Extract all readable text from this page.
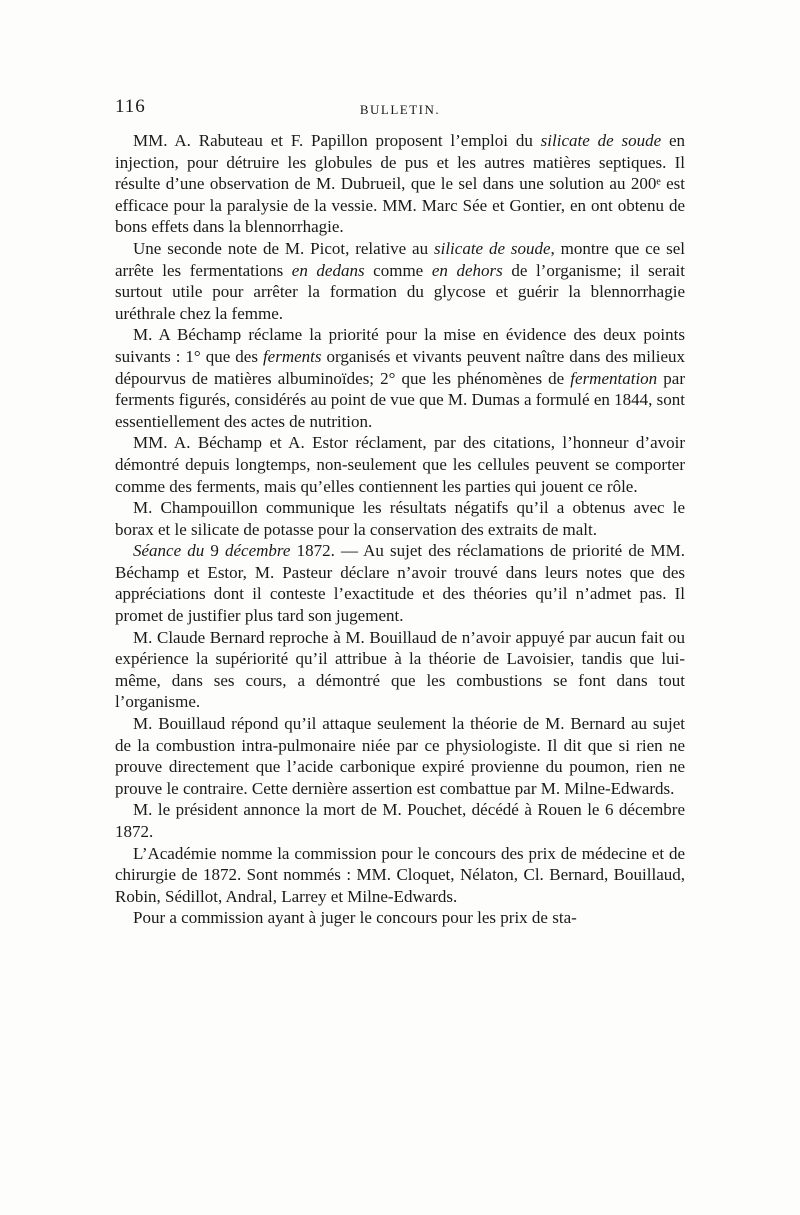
116	BULLETIN.

MM. A. Rabuteau et F. Papillon proposent l’emploi du silicate de soude en injection, pour détruire les globules de pus et les autres matières septiques. Il résulte d’une observation de M. Dubrueil, que le sel dans une solution au 200ᵉ est efficace pour la paralysie de la vessie. MM. Marc Sée et Gontier, en ont obtenu de bons effets dans la blennorrhagie.

Une seconde note de M. Picot, relative au silicate de soude, montre que ce sel arrête les fermentations en dedans comme en dehors de l’organisme; il serait surtout utile pour arrêter la formation du glycose et guérir la blennorrhagie uréthrale chez la femme.

M. A Béchamp réclame la priorité pour la mise en évidence des deux points suivants : 1° que des ferments organisés et vivants peuvent naître dans des milieux dépourvus de matières albuminoïdes; 2° que les phénomènes de fermentation par ferments figurés, considérés au point de vue que M. Dumas a formulé en 1844, sont essentiellement des actes de nutrition.

MM. A. Béchamp et A. Estor réclament, par des citations, l’honneur d’avoir démontré depuis longtemps, non-seulement que les cellules peuvent se comporter comme des ferments, mais qu’elles contiennent les parties qui jouent ce rôle.

M. Champouillon communique les résultats négatifs qu’il a obtenus avec le borax et le silicate de potasse pour la conservation des extraits de malt.

Séance du 9 décembre 1872. — Au sujet des réclamations de priorité de MM. Béchamp et Estor, M. Pasteur déclare n’avoir trouvé dans leurs notes que des appréciations dont il conteste l’exactitude et des théories qu’il n’admet pas. Il promet de justifier plus tard son jugement.

M. Claude Bernard reproche à M. Bouillaud de n’avoir appuyé par aucun fait ou expérience la supériorité qu’il attribue à la théorie de Lavoisier, tandis que lui-même, dans ses cours, a démontré que les combustions se font dans tout l’organisme.

M. Bouillaud répond qu’il attaque seulement la théorie de M. Bernard au sujet de la combustion intra-pulmonaire niée par ce physiologiste. Il dit que si rien ne prouve directement que l’acide carbonique expiré provienne du poumon, rien ne prouve le contraire. Cette dernière assertion est combattue par M. Milne-Edwards.

M. le président annonce la mort de M. Pouchet, décédé à Rouen le 6 décembre 1872.

L’Académie nomme la commission pour le concours des prix de médecine et de chirurgie de 1872. Sont nommés : MM. Cloquet, Nélaton, Cl. Bernard, Bouillaud, Robin, Sédillot, Andral, Larrey et Milne-Edwards.

Pour a commission ayant à juger le concours pour les prix de sta-
